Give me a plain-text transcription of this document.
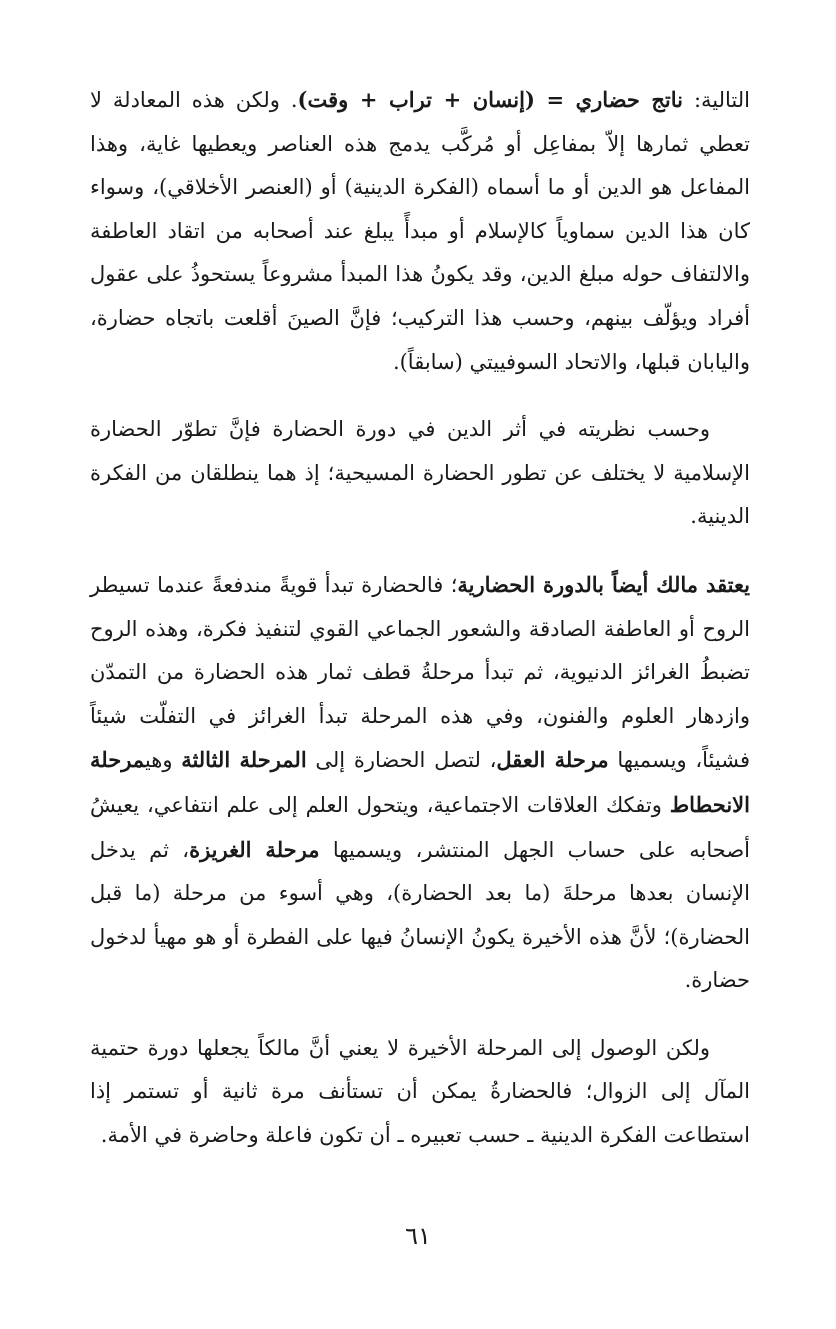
التالية: ناتج حضاري = (إنسان + تراب + وقت). ولكن هذه المعادلة لا تعطي ثمارها إلاّ بمفاعِل أو مُركَّب يدمج هذه العناصر ويعطيها غاية، وهذا المفاعل هو الدين أو ما أسماه (الفكرة الدينية) أو (العنصر الأخلاقي)، وسواء كان هذا الدين سماوياً كالإسلام أو مبدأً يبلغ عند أصحابه من اتقاد العاطفة والالتفاف حوله مبلغ الدين، وقد يكونُ هذا المبدأ مشروعاً يستحوذُ على عقول أفراد ويؤلّف بينهم، وحسب هذا التركيب؛ فإنَّ الصينَ أقلعت باتجاه حضارة، واليابان قبلها، والاتحاد السوفييتي (سابقاً).

وحسب نظريته في أثر الدين في دورة الحضارة فإنَّ تطوّر الحضارة الإسلامية لا يختلف عن تطور الحضارة المسيحية؛ إذ هما ينطلقان من الفكرة الدينية.

يعتقد مالك أيضاً بالدورة الحضارية؛ فالحضارة تبدأ قويةً مندفعةً عندما تسيطر الروح أو العاطفة الصادقة والشعور الجماعي القوي لتنفيذ فكرة، وهذه الروح تضبطُ الغرائز الدنيوية، ثم تبدأ مرحلةُ قطف ثمار هذه الحضارة من التمدّن وازدهار العلوم والفنون، وفي هذه المرحلة تبدأ الغرائز في التفلّت شيئاً فشيئاً، ويسميها مرحلة العقل، لتصل الحضارة إلى المرحلة الثالثة وهيمرحلة الانحطاط وتفكك العلاقات الاجتماعية، ويتحول العلم إلى علم انتفاعي، يعيشُ أصحابه على حساب الجهل المنتشر، ويسميها مرحلة الغريزة، ثم يدخل الإنسان بعدها مرحلةَ (ما بعد الحضارة)، وهي أسوء من مرحلة (ما قبل الحضارة)؛ لأنَّ هذه الأخيرة يكونُ الإنسانُ فيها على الفطرة أو هو مهيأ لدخول حضارة.

ولكن الوصول إلى المرحلة الأخيرة لا يعني أنَّ مالكاً يجعلها دورة حتمية المآل إلى الزوال؛ فالحضارةُ يمكن أن تستأنف مرة ثانية أو تستمر إذا استطاعت الفكرة الدينية ـ حسب تعبيره ـ أن تكون فاعلة وحاضرة في الأمة.

٦١
